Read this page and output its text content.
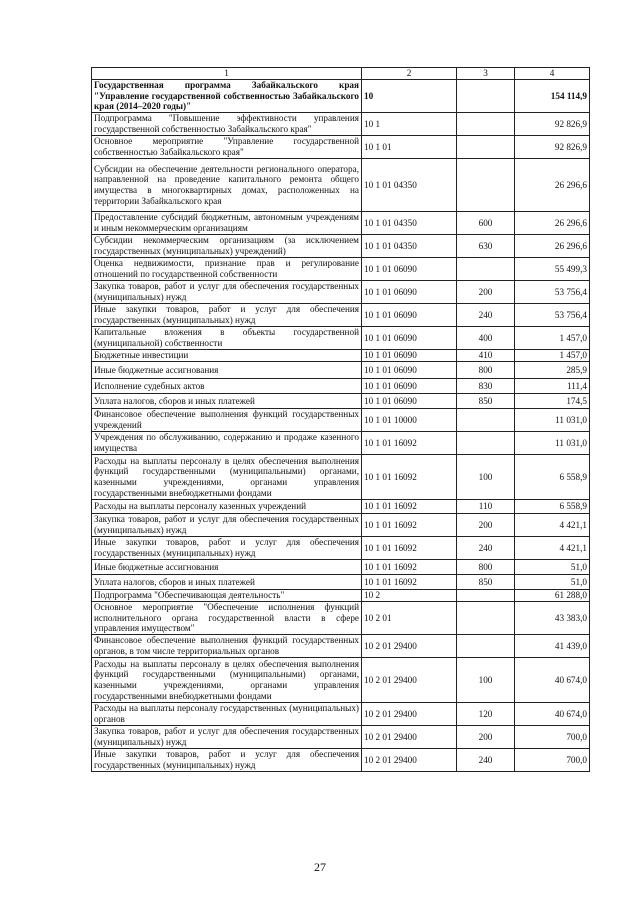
1	2	3	4
Государственная программа Забайкальского края "Управление государственной собственностью Забайкальского края (2014–2020 годы)"	10		154 114,9
Подпрограмма "Повышение эффективности управления государственной собственностью Забайкальского края"	10 1		92 826,9
Основное мероприятие "Управление государственной собственностью Забайкальского края"	10 1 01		92 826,9
Субсидии на обеспечение деятельности регионального оператора, направленной на проведение капитального ремонта общего имущества в многоквартирных домах, расположенных на территории Забайкальского края	10 1 01 04350		26 296,6
Предоставление субсидий бюджетным, автономным учреждениям и иным некоммерческим организациям	10 1 01 04350	600	26 296,6
Субсидии некоммерческим организациям (за исключением государственных (муниципальных) учреждений)	10 1 01 04350	630	26 296,6
Оценка недвижимости, признание прав и регулирование отношений по государственной собственности	10 1 01 06090		55 499,3
Закупка товаров, работ и услуг для обеспечения государственных (муниципальных) нужд	10 1 01 06090	200	53 756,4
Иные закупки товаров, работ и услуг для обеспечения государственных (муниципальных) нужд	10 1 01 06090	240	53 756,4
Капитальные вложения в объекты государственной (муниципальной) собственности	10 1 01 06090	400	1 457,0
Бюджетные инвестиции	10 1 01 06090	410	1 457,0
Иные бюджетные ассигнования	10 1 01 06090	800	285,9
Исполнение судебных актов	10 1 01 06090	830	111,4
Уплата налогов, сборов и иных платежей	10 1 01 06090	850	174,5
Финансовое обеспечение выполнения функций государственных учреждений	10 1 01 10000		11 031,0
Учреждения по обслуживанию, содержанию и продаже казенного имущества	10 1 01 16092		11 031,0
Расходы на выплаты персоналу в целях обеспечения выполнения функций государственными (муниципальными) органами, казенными учреждениями, органами управления государственными внебюджетными фондами	10 1 01 16092	100	6 558,9
Расходы на выплаты персоналу казенных учреждений	10 1 01 16092	110	6 558,9
Закупка товаров, работ и услуг для обеспечения государственных (муниципальных) нужд	10 1 01 16092	200	4 421,1
Иные закупки товаров, работ и услуг для обеспечения государственных (муниципальных) нужд	10 1 01 16092	240	4 421,1
Иные бюджетные ассигнования	10 1 01 16092	800	51,0
Уплата налогов, сборов и иных платежей	10 1 01 16092	850	51,0
Подпрограмма "Обеспечивающая деятельность"	10 2		61 288,0
Основное мероприятие "Обеспечение исполнения функций исполнительного органа государственной власти в сфере управления имуществом"	10 2 01		43 383,0
Финансовое обеспечение выполнения функций государственных органов, в том числе территориальных органов	10 2 01 29400		41 439,0
Расходы на выплаты персоналу в целях обеспечения выполнения функций государственными (муниципальными) органами, казенными учреждениями, органами управления государственными внебюджетными фондами	10 2 01 29400	100	40 674,0
Расходы на выплаты персоналу государственных (муниципальных) органов	10 2 01 29400	120	40 674,0
Закупка товаров, работ и услуг для обеспечения государственных (муниципальных) нужд	10 2 01 29400	200	700,0
Иные закупки товаров, работ и услуг для обеспечения государственных (муниципальных) нужд	10 2 01 29400	240	700,0
27
